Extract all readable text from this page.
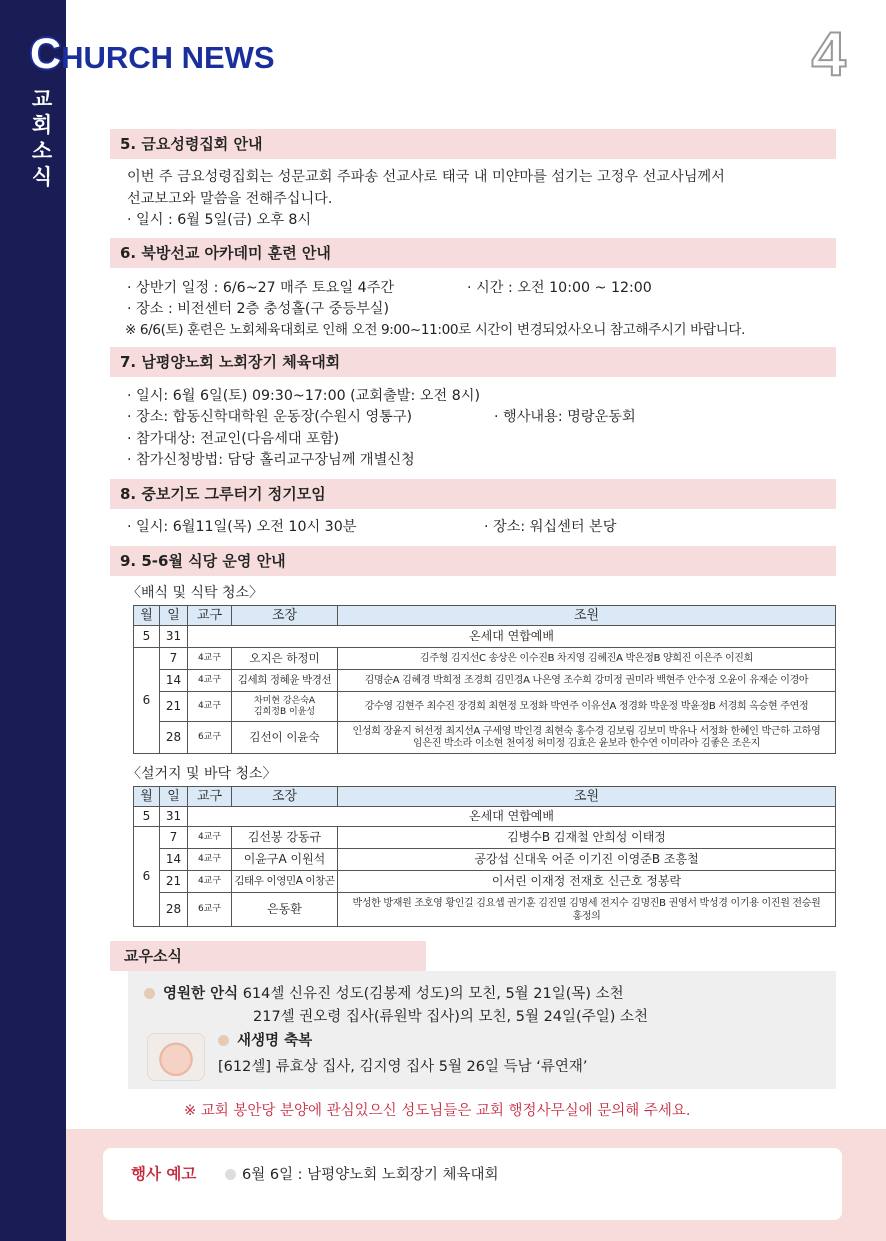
교
회
소
식
CHURCH NEWS	4
5. 금요성령집회 안내
이번 주 금요성령집회는 성문교회 주파송 선교사로 태국 내 미얀마를 섬기는 고정우 선교사님께서
선교보고와 말씀을 전해주십니다.
· 일시 : 6월 5일(금) 오후 8시
6. 북방선교 아카데미 훈련 안내
· 상반기 일정 : 6/6~27 매주 토요일 4주간	· 시간 : 오전 10:00 ~ 12:00
· 장소 : 비전센터 2층 충성홀(구 중등부실)
※ 6/6(토) 훈련은 노회체육대회로 인해 오전 9:00~11:00로 시간이 변경되었사오니 참고해주시기 바랍니다.
7. 남평양노회 노회장기 체육대회
· 일시: 6월 6일(토) 09:30~17:00 (교회출발: 오전 8시)
· 장소: 합동신학대학원 운동장(수원시 영통구)	· 행사내용: 명랑운동회
· 참가대상: 전교인(다음세대 포함)
· 참가신청방법: 담당 홀리교구장님께 개별신청
8. 중보기도 그루터기 정기모임
· 일시: 6월11일(목) 오전 10시 30분	· 장소: 워십센터 본당
9. 5-6월 식당 운영 안내
〈배식 및 식탁 청소〉
월	일	교구	조장	조원
5	31	온세대 연합예배		
6	7	4교구	오지은 하정미	김주형 김지선C 송상은 이수진B 차지영 김혜진A 박은정B 양희진 이은주 이진희
	14	4교구	김세희 정혜윤 박경선	김명순A 김혜경 박희정 조경희 김민경A 나은영 조수희 강미정 권미라 백현주 안수정 오윤이 유재순 이경아
	21	4교구	차미현 강은숙A
김희정B 이윤성	강수영 김현주 최수진 장경희 최현정 모정화 박연주 이유선A 정경화 박운정 박윤정B 서경희 옥승현 주연정
	28	6교구	김선이 이윤숙	인성희 장윤지 허선정 최지선A 구세영 박인경 최현숙 홍수경 김보림 김보미 박유나 서정화 한혜인 박근하 고하영
임은진 박소라 이소현 천여정 허미정 김효은 윤보라 한수연 이미라아 김좋은 조은지
〈설거지 및 바닥 청소〉
월	일	교구	조장	조원
5	31	온세대 연합예배		
6	7	4교구	김선봉 강동규	김병수B 김재철 안희성 이태정
	14	4교구	이윤구A 이원석	공강섭 신대욱 어준 이기진 이영준B 조흥철
	21	4교구	김태우 이영민A 이창곤	이서린 이재정 전재호 신근호 정봉락
	28	6교구	은동환	박성한 방재원 조호영 황인길 김요셉 권기훈 김진열 김명세 전지수 김명진B 권영서 박성경 이기용 이진원 전승원
홍정의
교우소식
영원한 안식 614셀 신유진 성도(김봉제 성도)의 모친, 5월 21일(목) 소천
217셀 권오령 집사(류원박 집사)의 모친, 5월 24일(주일) 소천
새생명 축복
[612셀] 류효상 집사, 김지영 집사 5월 26일 득남 ‘류연재’
※ 교회 봉안당 분양에 관심있으신 성도님들은 교회 행정사무실에 문의해 주세요.
행사 예고	6월 6일 : 남평양노회 노회장기 체육대회
